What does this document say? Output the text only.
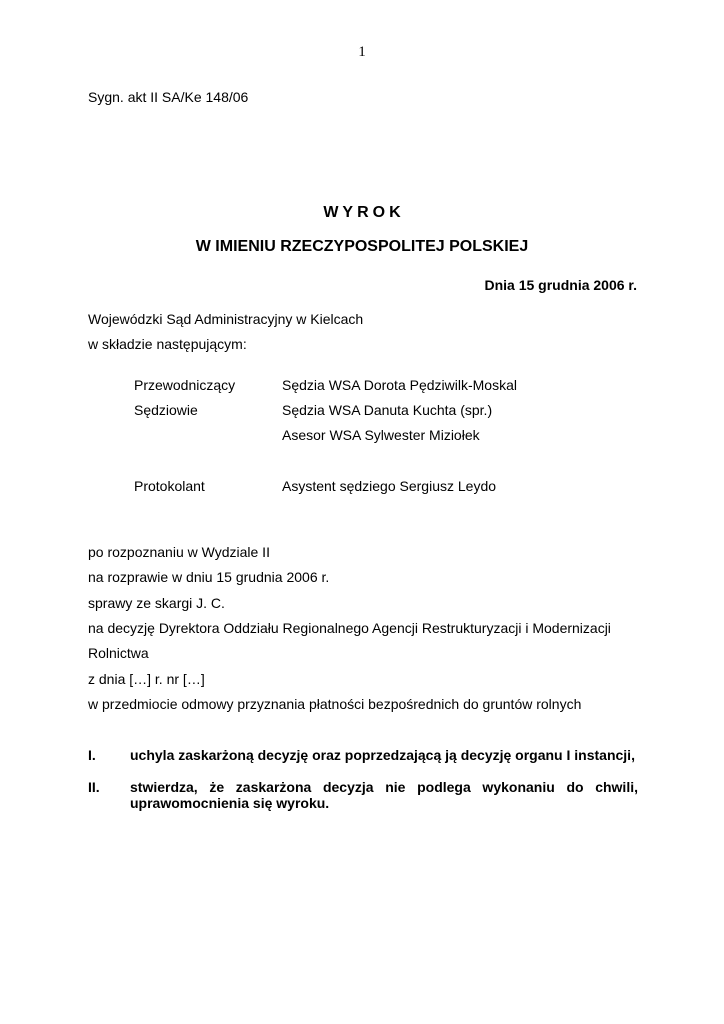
1
Sygn. akt II SA/Ke 148/06
WYROK
W IMIENIU RZECZYPOSPOLITEJ POLSKIEJ
Dnia 15 grudnia 2006 r.
Wojewódzki Sąd Administracyjny w Kielcach
w składzie następującym:
Przewodniczący	Sędzia WSA Dorota Pędziwilk-Moskal
Sędziowie	Sędzia WSA Danuta Kuchta (spr.)
Asesor WSA Sylwester Miziołek
Protokolant	Asystent sędziego Sergiusz Leydo
po rozpoznaniu w Wydziale II
na rozprawie w dniu 15 grudnia 2006 r.
sprawy ze skargi J. C.
na decyzję Dyrektora Oddziału Regionalnego Agencji Restrukturyzacji i Modernizacji
Rolnictwa
z dnia […] r. nr […]
w przedmiocie odmowy przyznania płatności bezpośrednich do gruntów rolnych
I. uchyla zaskarżoną decyzję oraz poprzedzającą ją decyzję organu I instancji,
II. stwierdza, że zaskarżona decyzja nie podlega wykonaniu do chwili, uprawomocnienia się wyroku.
